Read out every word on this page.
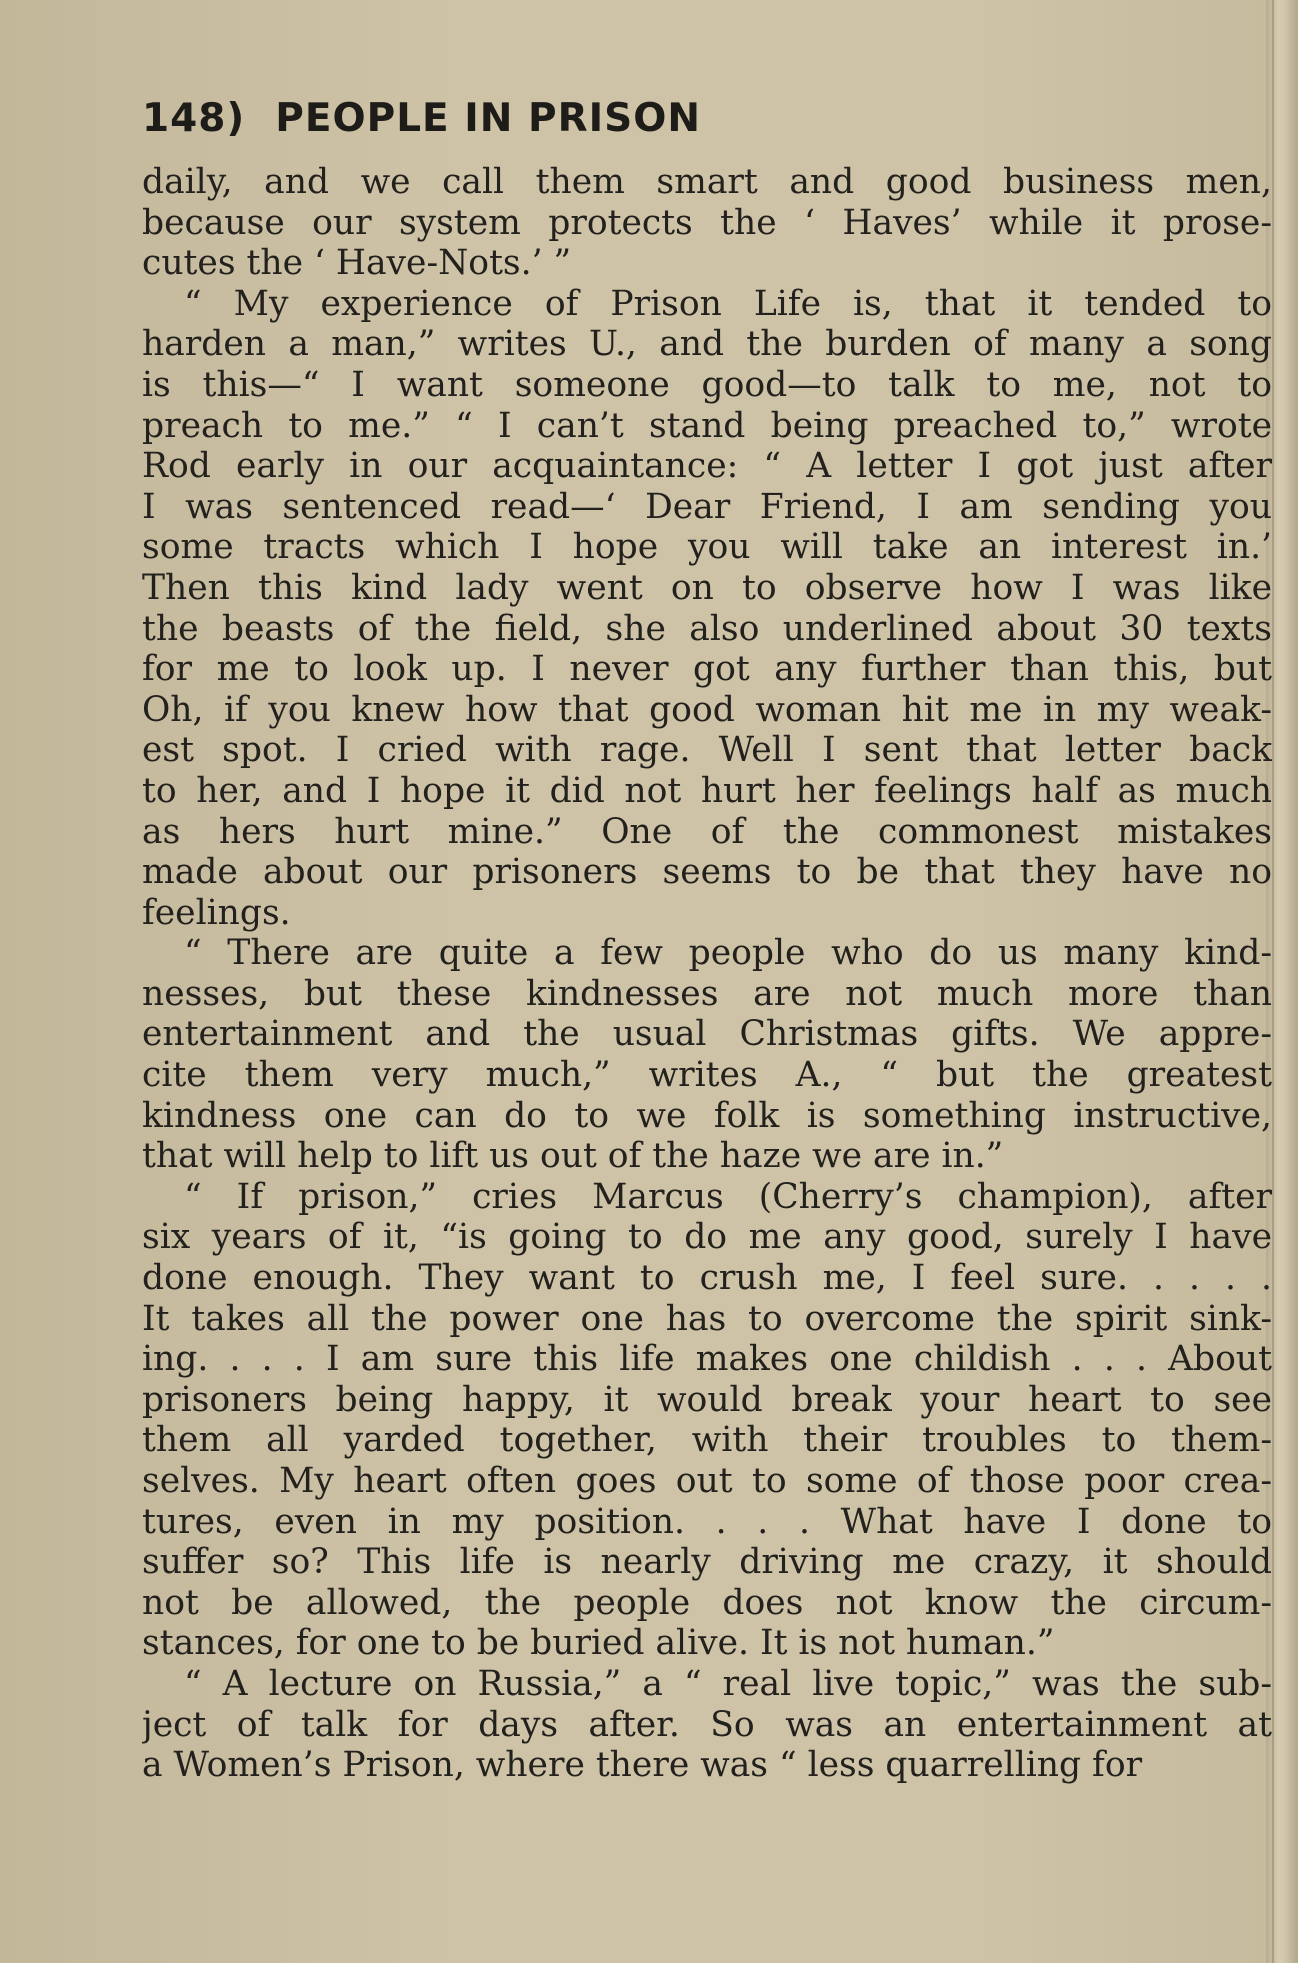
148) PEOPLE IN PRISON
daily, and we call them smart and good business men,
because our system protects the ‘ Haves’ while it prose-
cutes the ‘ Have-Nots.’ ”
“ My experience of Prison Life is, that it tended to
harden a man,” writes U., and the burden of many a song
is this—“ I want someone good—to talk to me, not to
preach to me.” “ I can’t stand being preached to,” wrote
Rod early in our acquaintance: “ A letter I got just after
I was sentenced read—‘ Dear Friend, I am sending you
some tracts which I hope you will take an interest in.’
Then this kind lady went on to observe how I was like
the beasts of the field, she also underlined about 30 texts
for me to look up. I never got any further than this, but
Oh, if you knew how that good woman hit me in my weak-
est spot. I cried with rage. Well I sent that letter back
to her, and I hope it did not hurt her feelings half as much
as hers hurt mine.” One of the commonest mistakes
made about our prisoners seems to be that they have no
feelings.
“ There are quite a few people who do us many kind-
nesses, but these kindnesses are not much more than
entertainment and the usual Christmas gifts. We appre-
cite them very much,” writes A., “ but the greatest
kindness one can do to we folk is something instructive,
that will help to lift us out of the haze we are in.”
“ If prison,” cries Marcus (Cherry’s champion), after
six years of it, “is going to do me any good, surely I have
done enough. They want to crush me, I feel sure. . . . .
It takes all the power one has to overcome the spirit sink-
ing. . . . I am sure this life makes one childish . . . About
prisoners being happy, it would break your heart to see
them all yarded together, with their troubles to them-
selves. My heart often goes out to some of those poor crea-
tures, even in my position. . . . What have I done to
suffer so? This life is nearly driving me crazy, it should
not be allowed, the people does not know the circum-
stances, for one to be buried alive. It is not human.”
“ A lecture on Russia,” a “ real live topic,” was the sub-
ject of talk for days after. So was an entertainment at
a Women’s Prison, where there was “ less quarrelling for
